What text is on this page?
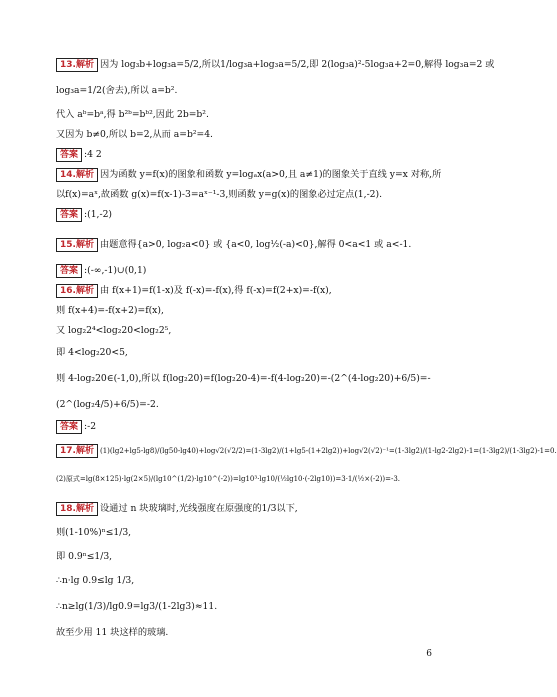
13.解析 因为 log₃b+log₃a=5/2,所以1/log₃a+log₃a=5/2,即 2(log₃a)²-5log₃a+2=0,解得 log₃a=2 或
log₃a=1/2(舍去),所以 a=b².
代入 aᵇ=bᵃ,得 b²ᵇ=bᵇ²,因此 2b=b².
又因为 b≠0,所以 b=2,从而 a=b²=4.
答案 :4 2
14.解析 因为函数 y=f(x)的图象和函数 y=logₐx(a>0,且 a≠1)的图象关于直线 y=x 对称,所
以f(x)=aˣ,故函数 g(x)=f(x-1)-3=aˣ⁻¹-3,则函数 y=g(x)的图象必过定点(1,-2).
答案 :(1,-2)
15.解析 由题意得{a>0, log₂a<0} 或 {a<0, log½(-a)<0},解得 0<a<1 或 a<-1.
答案 :(-∞,-1)∪(0,1)
16.解析 由 f(x+1)=f(1-x)及 f(-x)=-f(x),得 f(-x)=f(2+x)=-f(x),
则 f(x+4)=-f(x+2)=f(x),
又 log₂2⁴<log₂20<log₂2⁵,
即 4<log₂20<5,
则 4-log₂20∈(-1,0),所以 f(log₂20)=f(log₂20-4)=-f(4-log₂20)=-(2^(4-log₂20)+6/5)=-
(2^(log₂4/5)+6/5)=-2.
答案 :-2
17.解析 (1)(lg2+lg5-lg8)/(lg50-lg40)+log√2(√2/2)=(1-3lg2)/(1+lg5-(1+2lg2))+log√2(√2)⁻¹=(1-3lg2)/(1-lg2-2lg2)-1=(1-3lg2)/(1-3lg2)-1=0.
(2)原式=lg(8×125)·lg(2×5)/(lg10^(1/2)·lg10^(-2))=lg10³·lg10/(½lg10·(-2lg10))=3·1/(½×(-2))=-3.
18.解析 设通过 n 块玻璃时,光线强度在原强度的1/3以下,
则(1-10%)ⁿ≤1/3,
即 0.9ⁿ≤1/3,
∴n·lg 0.9≤lg 1/3,
∴n≥lg(1/3)/lg0.9=lg3/(1-2lg3)≈11.
故至少用 11 块这样的玻璃.
6
